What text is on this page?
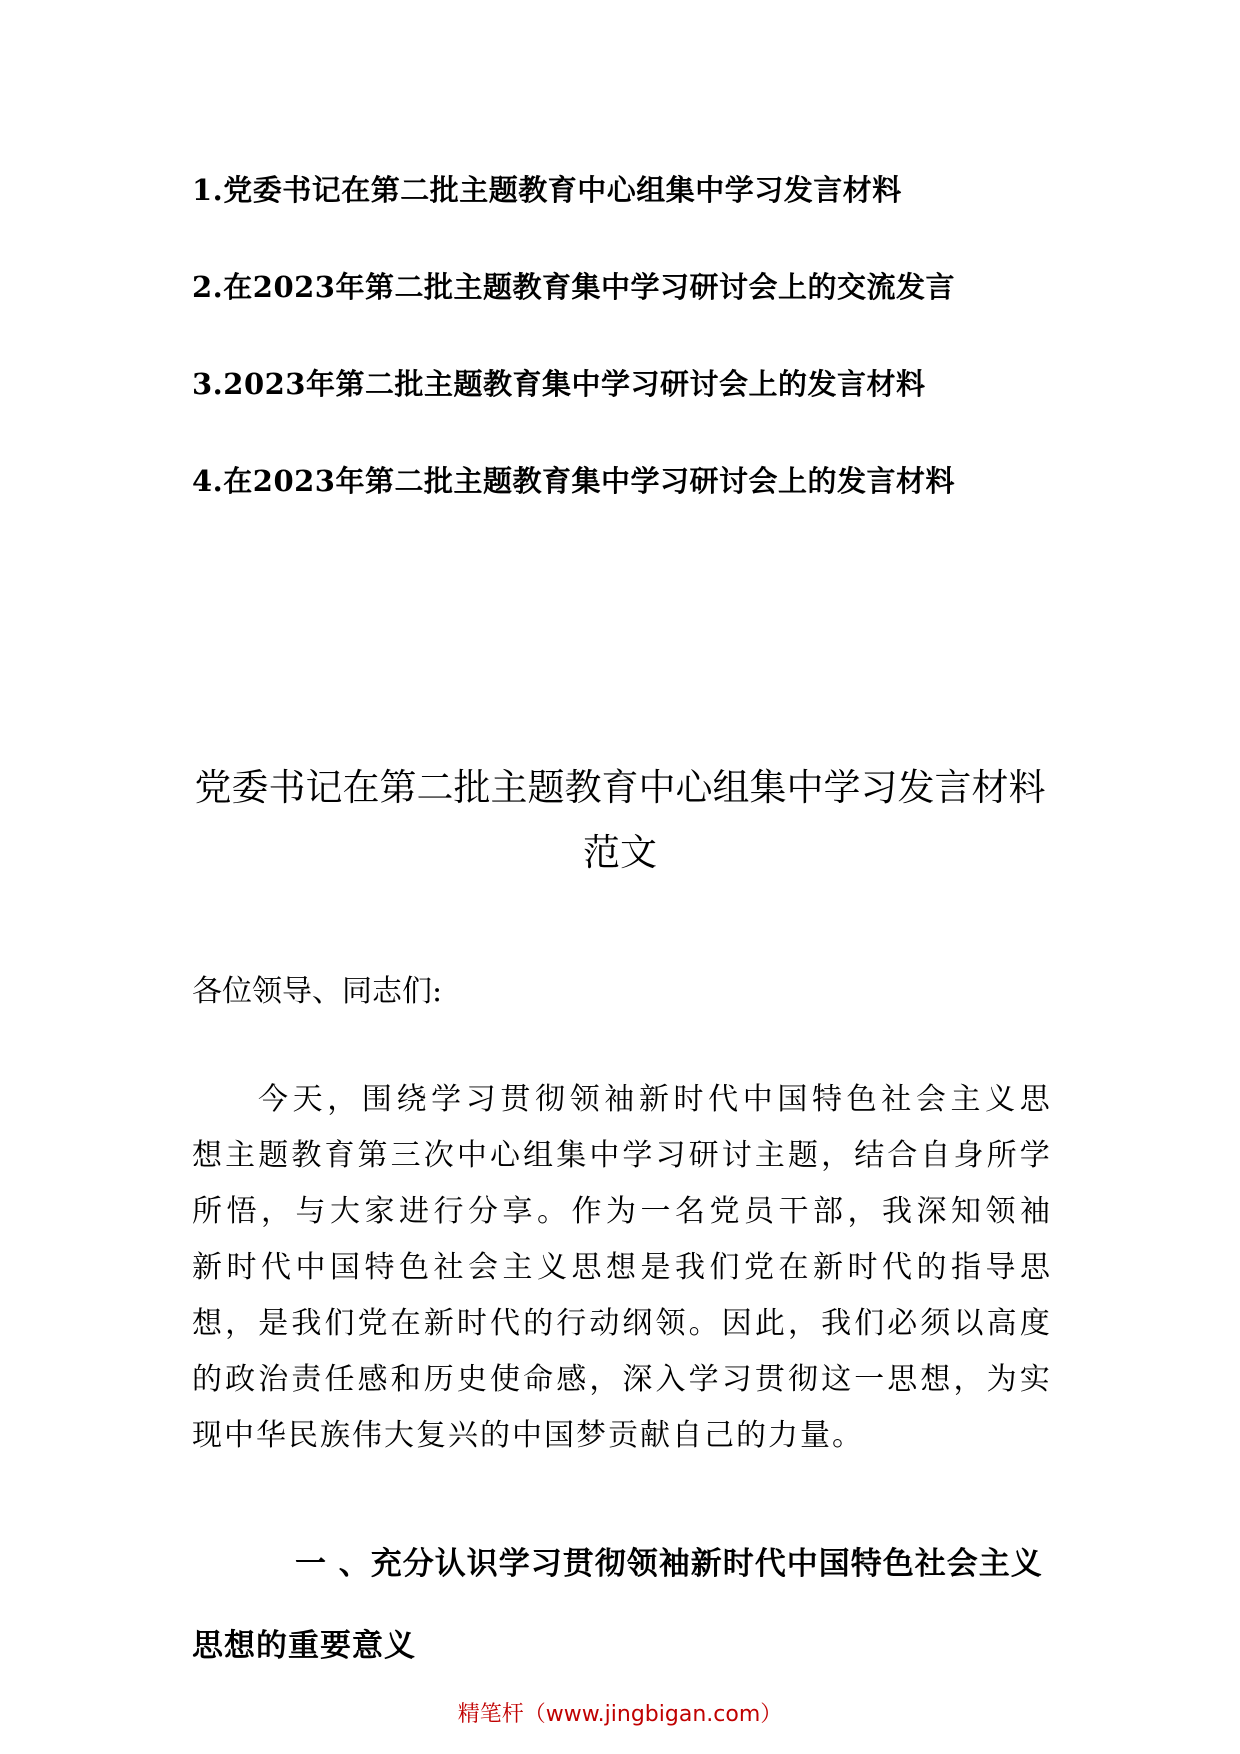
1.党委书记在第二批主题教育中心组集中学习发言材料
2.在2023年第二批主题教育集中学习研讨会上的交流发言
3.2023年第二批主题教育集中学习研讨会上的发言材料
4.在2023年第二批主题教育集中学习研讨会上的发言材料
党委书记在第二批主题教育中心组集中学习发言材料
范文
各位领导、同志们:
今 天 ， 围 绕 学 习 贯 彻 领 袖 新 时 代 中 国 特 色 社 会 主 义 思
想 主 题 教 育 第 三 次 中 心 组 集 中 学 习 研 讨 主 题 ， 结 合 自 身 所 学
所 悟 ， 与 大 家 进 行 分 享 。 作 为 一 名 党 员 干 部 ， 我 深 知 领 袖
新 时 代 中 国 特 色 社 会 主 义 思 想 是 我 们 党 在 新 时 代 的 指 导 思
想 ， 是 我 们 党 在 新 时 代 的 行 动 纲 领 。 因 此 ， 我 们 必 须 以 高 度
的 政 治 责 任 感 和 历 史 使 命 感 ， 深 入 学 习 贯 彻 这 一 思 想 ， 为 实
现中华民族伟大复兴的中国梦贡献自己的力量。
一 、充分认识学习贯彻领袖新时代中国特色社会主义
思想的重要意义
精笔杆（www.jingbigan.com）
